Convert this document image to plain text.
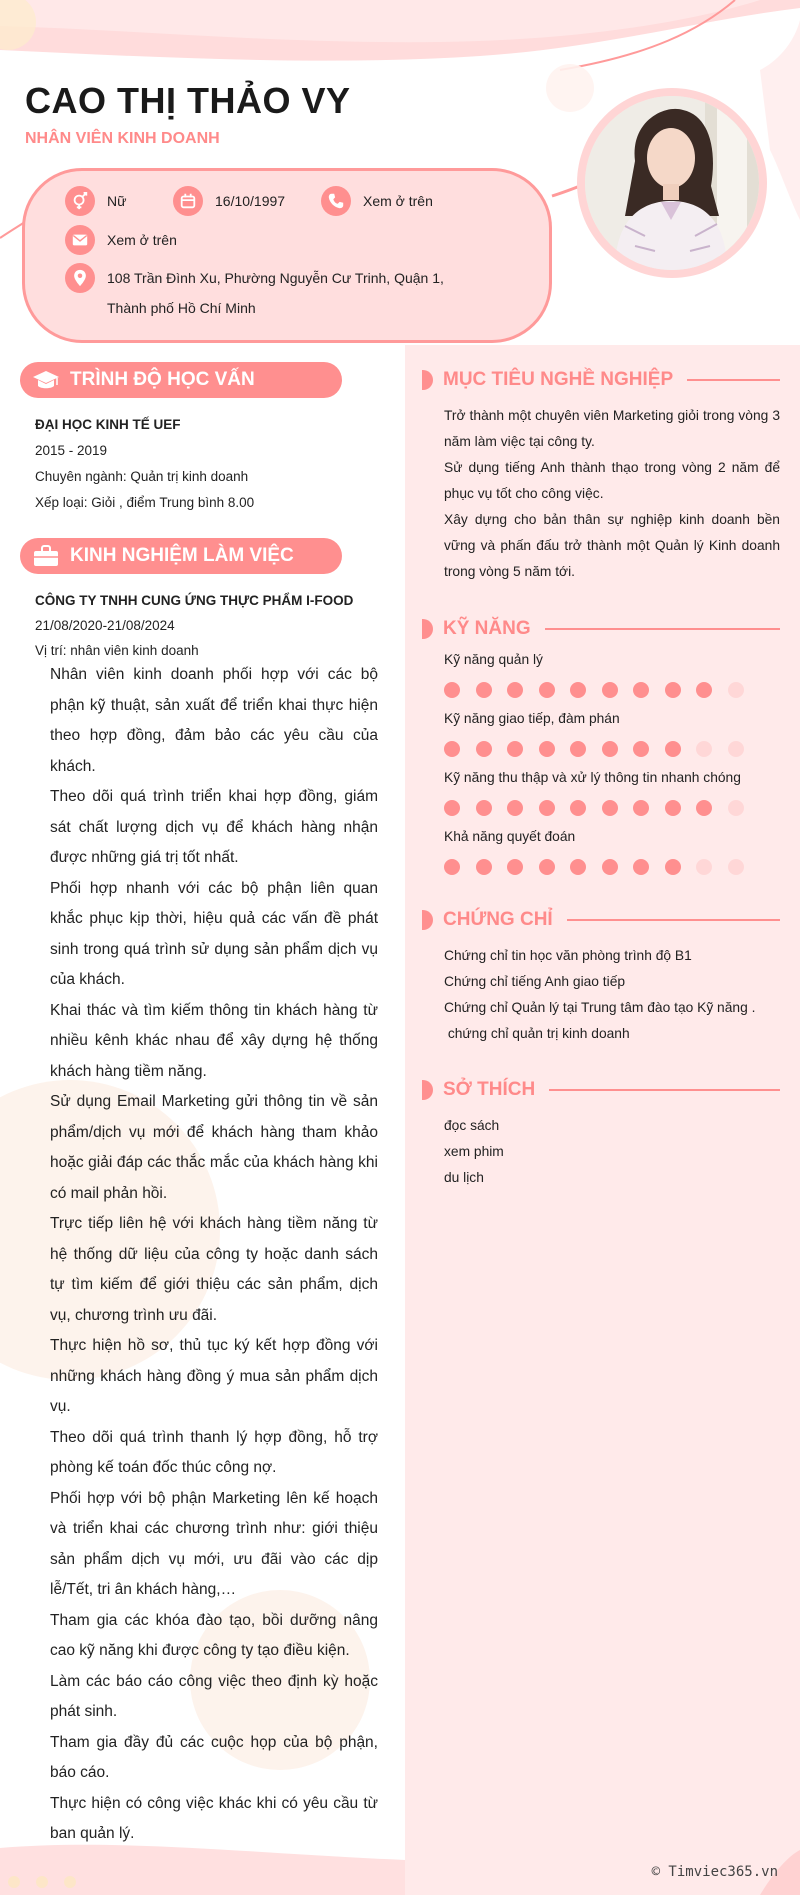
CAO THỊ THẢO VY
NHÂN VIÊN KINH DOANH
Nữ	16/10/1997	Xem ở trên
Xem ở trên
108 Trần Đình Xu, Phường Nguyễn Cư Trinh, Quận 1, Thành phố Hồ Chí Minh
TRÌNH ĐỘ HỌC VẤN
ĐẠI HỌC KINH TẾ UEF
2015 - 2019
Chuyên ngành: Quản trị kinh doanh
Xếp loại: Giỏi , điểm Trung bình 8.00
KINH NGHIỆM LÀM VIỆC
CÔNG TY TNHH CUNG ỨNG THỰC PHẨM I-FOOD
21/08/2020-21/08/2024
Vị trí: nhân viên kinh doanh

Nhân viên kinh doanh phối hợp với các bộ phận kỹ thuật, sản xuất để triển khai thực hiện theo hợp đồng, đảm bảo các yêu cầu của khách.

Theo dõi quá trình triển khai hợp đồng, giám sát chất lượng dịch vụ để khách hàng nhận được những giá trị tốt nhất.

Phối hợp nhanh với các bộ phận liên quan khắc phục kịp thời, hiệu quả các vấn đề phát sinh trong quá trình sử dụng sản phẩm dịch vụ của khách.

Khai thác và tìm kiếm thông tin khách hàng từ nhiều kênh khác nhau để xây dựng hệ thống khách hàng tiềm năng.

Sử dụng Email Marketing gửi thông tin về sản phẩm/dịch vụ mới để khách hàng tham khảo hoặc giải đáp các thắc mắc của khách hàng khi có mail phản hồi.

Trực tiếp liên hệ với khách hàng tiềm năng từ hệ thống dữ liệu của công ty hoặc danh sách tự tìm kiếm để giới thiệu các sản phẩm, dịch vụ, chương trình ưu đãi.

Thực hiện hồ sơ, thủ tục ký kết hợp đồng với những khách hàng đồng ý mua sản phẩm dịch vụ.

Theo dõi quá trình thanh lý hợp đồng, hỗ trợ phòng kế toán đốc thúc công nợ.

Phối hợp với bộ phận Marketing lên kế hoạch và triển khai các chương trình như: giới thiệu sản phẩm dịch vụ mới, ưu đãi vào các dịp lễ/Tết, tri ân khách hàng,…

Tham gia các khóa đào tạo, bồi dưỡng nâng cao kỹ năng khi được công ty tạo điều kiện.

Làm các báo cáo công việc theo định kỳ hoặc phát sinh.

Tham gia đầy đủ các cuộc họp của bộ phận, báo cáo.

Thực hiện có công việc khác khi có yêu cầu từ ban quản lý.

MỤC TIÊU NGHỀ NGHIỆP

Trở thành một chuyên viên Marketing giỏi trong vòng 3 năm làm việc tại công ty.

Sử dụng tiếng Anh thành thạo trong vòng 2 năm để phục vụ tốt cho công việc.

Xây dựng cho bản thân sự nghiệp kinh doanh bền vững và phấn đấu trở thành một Quản lý Kinh doanh trong vòng 5 năm tới.

KỸ NĂNG
Kỹ năng quản lý
Kỹ năng giao tiếp, đàm phán
Kỹ năng thu thập và xử lý thông tin nhanh chóng
Khả năng quyết đoán
CHỨNG CHỈ

Chứng chỉ tin học văn phòng trình độ B1

Chứng chỉ tiếng Anh giao tiếp

Chứng chỉ Quản lý tại Trung tâm đào tạo Kỹ năng .

chứng chỉ quản trị kinh doanh

SỞ THÍCH

đọc sách

xem phim

du lịch

© Timviec365.vn
